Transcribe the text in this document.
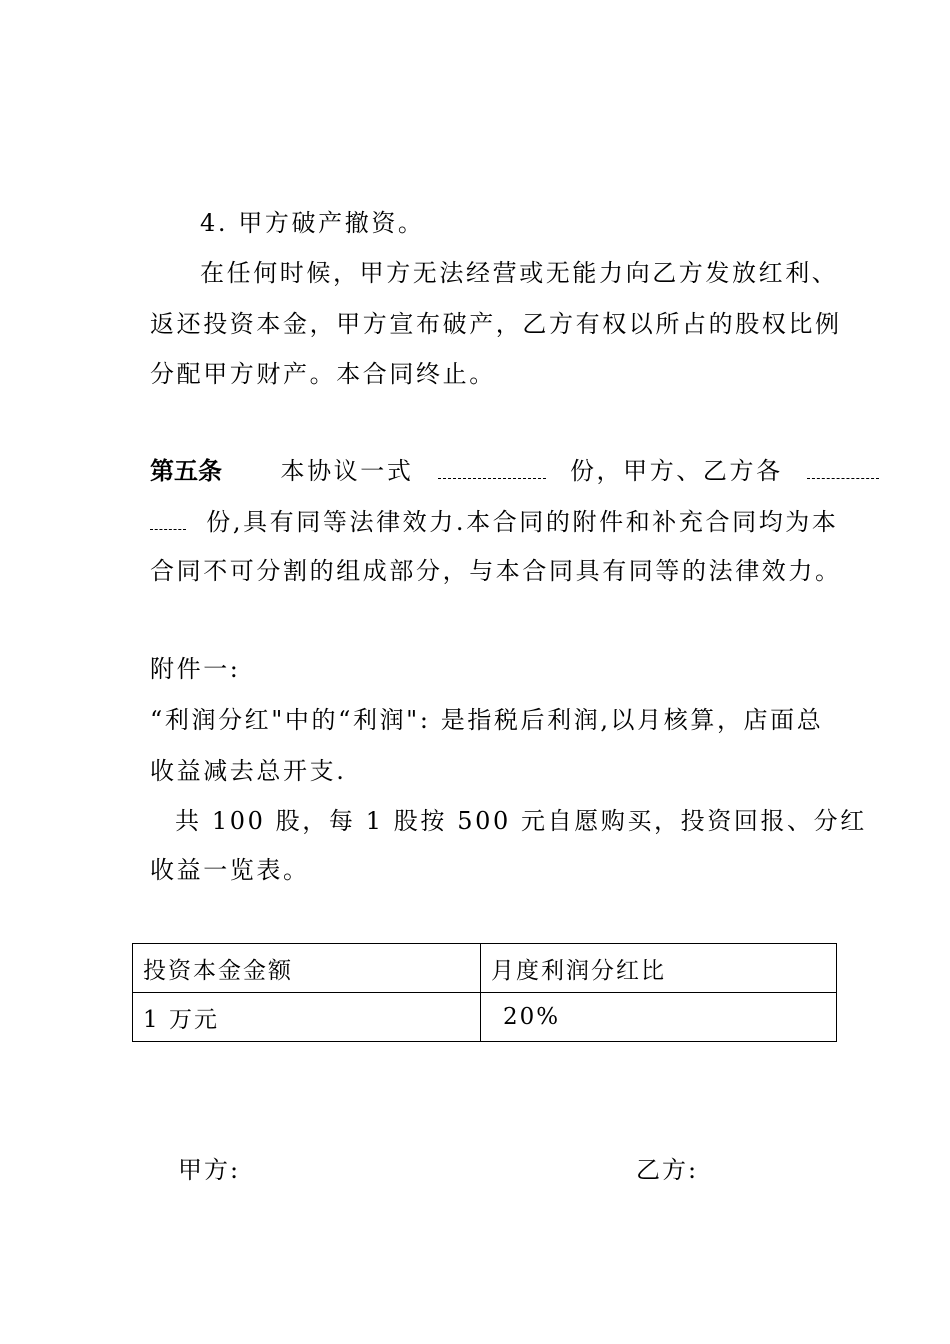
4. 甲方破产撤资。
在任何时候，甲方无法经营或无能力向乙方发放红利、
返还投资本金，甲方宣布破产，乙方有权以所占的股权比例
分配甲方财产。本合同终止。
第五条 本协议一式	份，甲方、乙方各
份,具有同等法律效力.本合同的附件和补充合同均为本
合同不可分割的组成部分，与本合同具有同等的法律效力。
附件一:
“利润分红"中的“利润": 是指税后利润,以月核算，店面总
收益减去总开支.
共 100 股，每 1 股按 500 元自愿购买，投资回报、分红
收益一览表。
投资本金金额	月度利润分红比
1 万元	20%
甲方:	乙方:
